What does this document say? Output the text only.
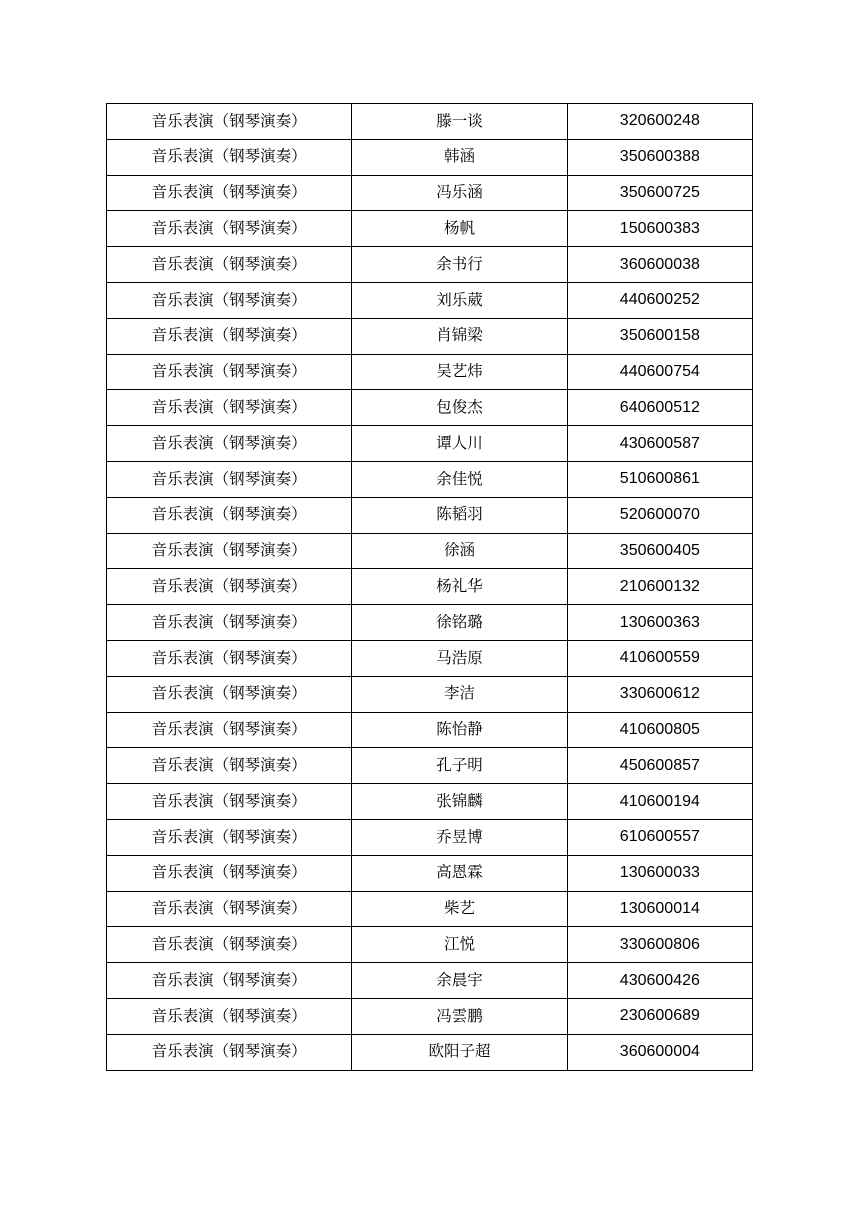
音乐表演（钢琴演奏）	滕一谈	320600248
音乐表演（钢琴演奏）	韩涵	350600388
音乐表演（钢琴演奏）	冯乐涵	350600725
音乐表演（钢琴演奏）	杨帆	150600383
音乐表演（钢琴演奏）	余书行	360600038
音乐表演（钢琴演奏）	刘乐葳	440600252
音乐表演（钢琴演奏）	肖锦梁	350600158
音乐表演（钢琴演奏）	吴艺炜	440600754
音乐表演（钢琴演奏）	包俊杰	640600512
音乐表演（钢琴演奏）	谭人川	430600587
音乐表演（钢琴演奏）	余佳悦	510600861
音乐表演（钢琴演奏）	陈韬羽	520600070
音乐表演（钢琴演奏）	徐涵	350600405
音乐表演（钢琴演奏）	杨礼华	210600132
音乐表演（钢琴演奏）	徐铭璐	130600363
音乐表演（钢琴演奏）	马浩原	410600559
音乐表演（钢琴演奏）	李洁	330600612
音乐表演（钢琴演奏）	陈怡静	410600805
音乐表演（钢琴演奏）	孔子明	450600857
音乐表演（钢琴演奏）	张锦麟	410600194
音乐表演（钢琴演奏）	乔昱博	610600557
音乐表演（钢琴演奏）	高恩霖	130600033
音乐表演（钢琴演奏）	柴艺	130600014
音乐表演（钢琴演奏）	江悦	330600806
音乐表演（钢琴演奏）	余晨宇	430600426
音乐表演（钢琴演奏）	冯雲鹏	230600689
音乐表演（钢琴演奏）	欧阳子超	360600004
